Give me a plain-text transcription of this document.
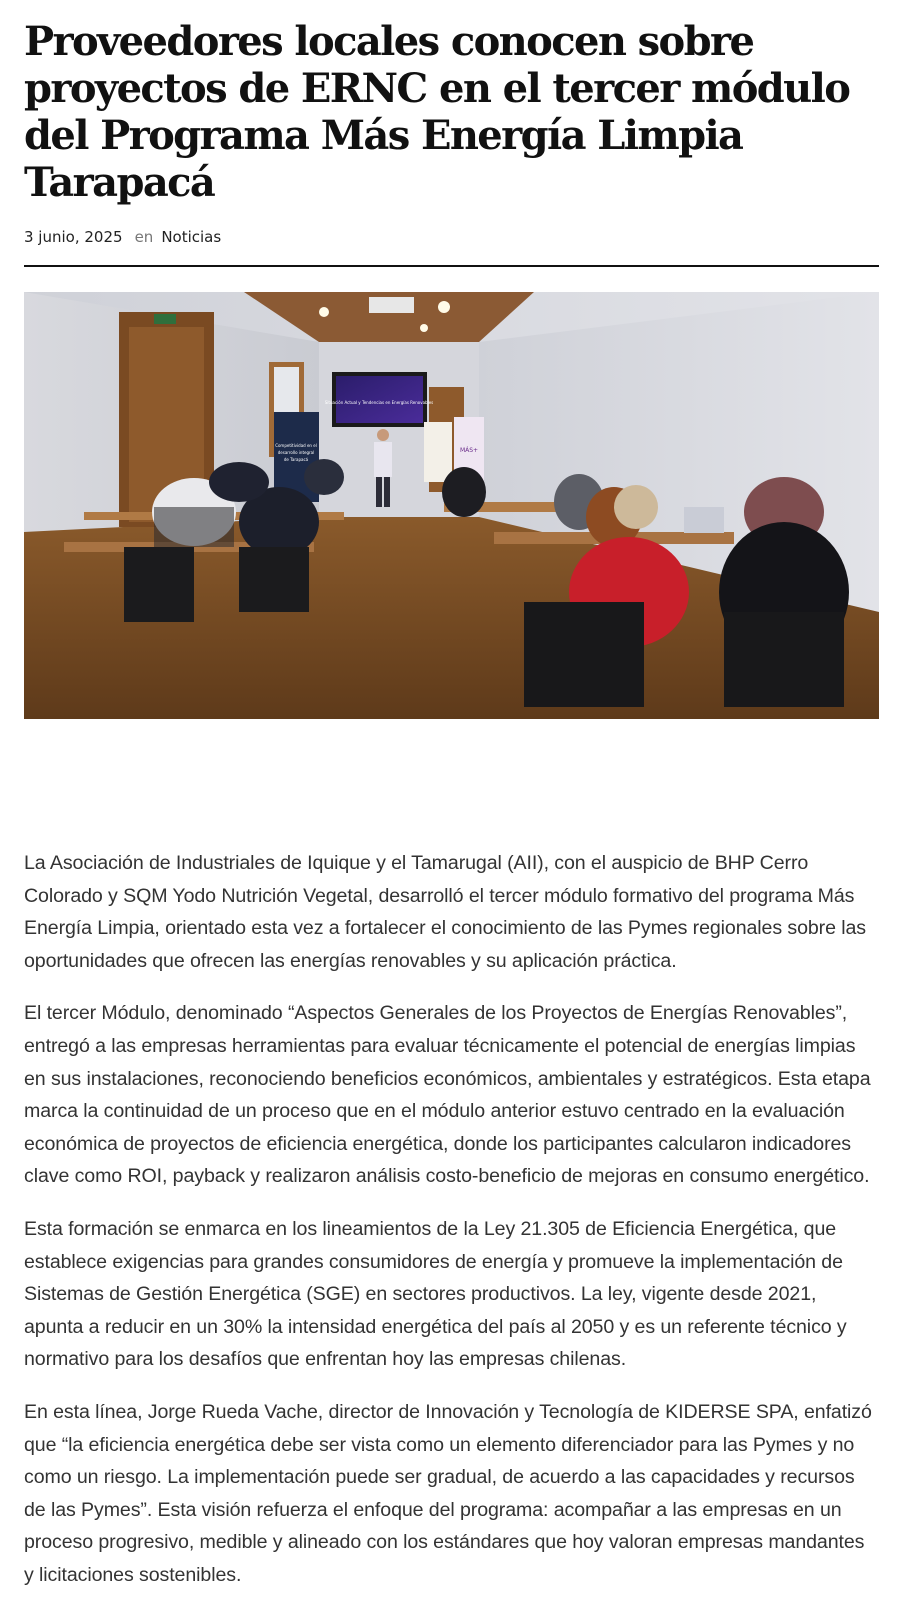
Proveedores locales conocen sobre proyectos de ERNC en el tercer módulo del Programa Más Energía Limpia Tarapacá
3 junio, 2025 en Noticias
Situación Actual y Tendencias en Energías Renovables
Competitividad en el
desarrollo integral
de Tarapacá
MÁS+

La Asociación de Industriales de Iquique y el Tamarugal (AII), con el auspicio de BHP Cerro Colorado y SQM Yodo Nutrición Vegetal, desarrolló el tercer módulo formativo del programa Más Energía Limpia, orientado esta vez a fortalecer el conocimiento de las Pymes regionales sobre las oportunidades que ofrecen las energías renovables y su aplicación práctica.

El tercer Módulo, denominado “Aspectos Generales de los Proyectos de Energías Renovables”, entregó a las empresas herramientas para evaluar técnicamente el potencial de energías limpias en sus instalaciones, reconociendo beneficios económicos, ambientales y estratégicos. Esta etapa marca la continuidad de un proceso que en el módulo anterior estuvo centrado en la evaluación económica de proyectos de eficiencia energética, donde los participantes calcularon indicadores clave como ROI, payback y realizaron análisis costo-beneficio de mejoras en consumo energético.

Esta formación se enmarca en los lineamientos de la Ley 21.305 de Eficiencia Energética, que establece exigencias para grandes consumidores de energía y promueve la implementación de Sistemas de Gestión Energética (SGE) en sectores productivos. La ley, vigente desde 2021, apunta a reducir en un 30% la intensidad energética del país al 2050 y es un referente técnico y normativo para los desafíos que enfrentan hoy las empresas chilenas.

En esta línea, Jorge Rueda Vache, director de Innovación y Tecnología de KIDERSE SPA, enfatizó que “la eficiencia energética debe ser vista como un elemento diferenciador para las Pymes y no como un riesgo. La implementación puede ser gradual, de acuerdo a las capacidades y recursos de las Pymes”. Esta visión refuerza el enfoque del programa: acompañar a las empresas en un proceso progresivo, medible y alineado con los estándares que hoy valoran empresas mandantes y licitaciones sostenibles.
